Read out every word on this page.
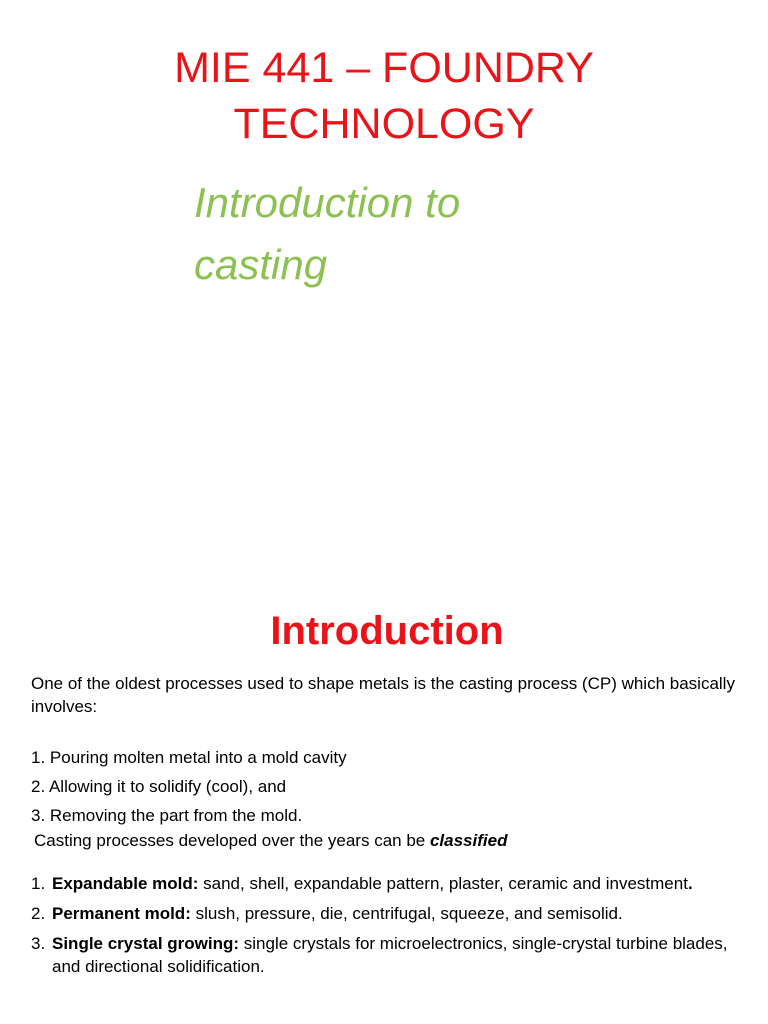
MIE 441 – FOUNDRY
TECHNOLOGY
Introduction to
casting
Introduction
One of the oldest processes used to shape metals is the casting process (CP) which basically involves:
1. Pouring molten metal into a mold cavity
2. Allowing it to solidify (cool), and
3. Removing the part from the mold.
Casting processes developed over the years can be classified
1. Expandable mold: sand, shell, expandable pattern, plaster, ceramic and investment.
2. Permanent mold: slush, pressure, die, centrifugal, squeeze, and semisolid.
3. Single crystal growing: single crystals for microelectronics, single-crystal turbine blades, and directional solidification.
